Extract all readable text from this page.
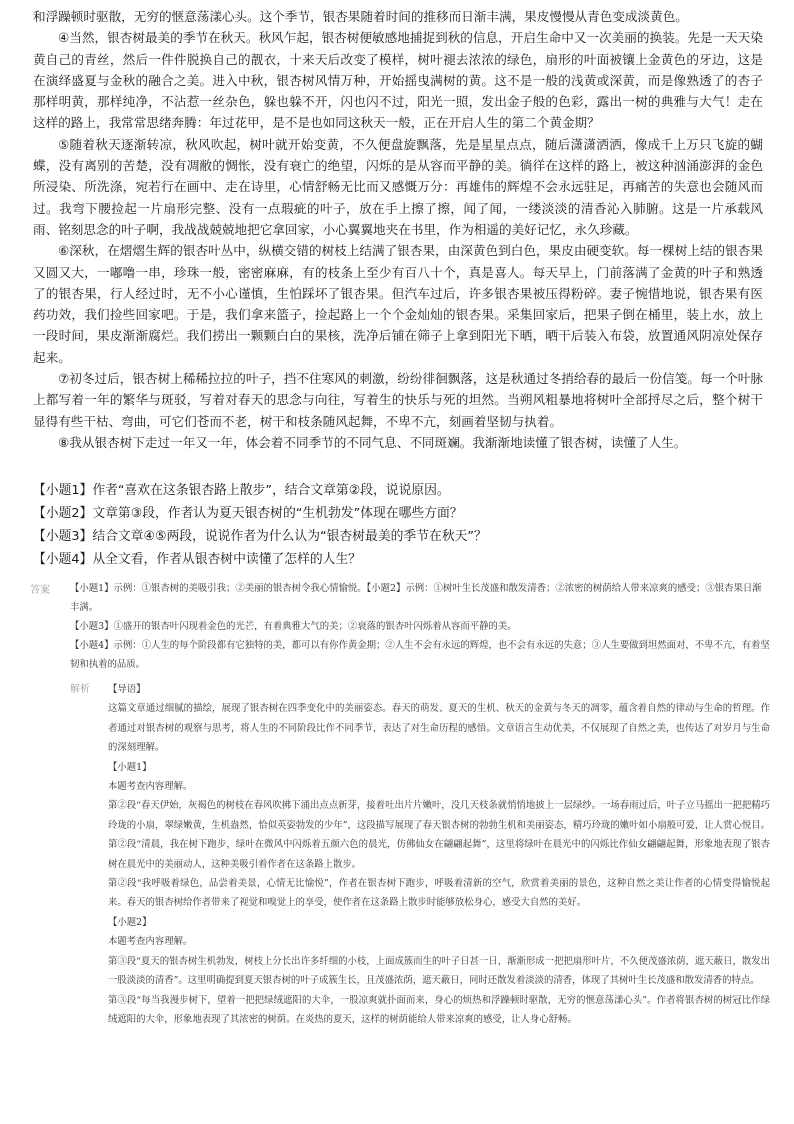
和浮躁顿时驱散，无穷的惬意荡漾心头。这个季节，银杏果随着时间的推移而日渐丰满，果皮慢慢从青色变成淡黄色。

④当然，银杏树最美的季节在秋天。秋风乍起，银杏树便敏感地捕捉到秋的信息，开启生命中又一次美丽的换装。先是一天天染黄自己的青丝，然后一件件脱换自己的靓衣，十来天后改变了模样，树叶褪去浓浓的绿色，扇形的叶面被镶上金黄色的牙边，这是在演绎盛夏与金秋的融合之美。进入中秋，银杏树风情万种，开始摇曳满树的黄。这不是一般的浅黄或深黄，而是像熟透了的杏子那样明黄，那样纯净，不沾惹一丝杂色，躲也躲不开，闪也闪不过，阳光一照，发出金子般的色彩，露出一树的典雅与大气！走在这样的路上，我常常思绪奔腾：年过花甲，是不是也如同这秋天一般，正在开启人生的第二个黄金期？

⑤随着秋天逐渐转凉，秋风吹起，树叶就开始变黄，不久便盘旋飘落，先是星星点点，随后潇潇洒洒，像成千上万只飞旋的蝴蝶，没有离别的苦楚，没有凋敝的惆怅，没有衰亡的绝望，闪烁的是从容而平静的美。徜徉在这样的路上，被这种汹涌澎湃的金色所浸染、所洗涤，宛若行在画中、走在诗里，心情舒畅无比而又感慨万分：再雄伟的辉煌不会永远驻足，再痛苦的失意也会随风而过。我弯下腰捡起一片扇形完整、没有一点瑕疵的叶子，放在手上擦了擦，闻了闻，一缕淡淡的清香沁入肺腑。这是一片承载风雨、铭刻思念的叶子啊，我战战兢兢地把它拿回家，小心翼翼地夹在书里，作为相遥的美好记忆，永久珍藏。

⑥深秋，在熠熠生辉的银杏叶丛中，纵横交错的树枝上结满了银杏果，由深黄色到白色，果皮由硬变软。每一棵树上结的银杏果又圆又大，一嘟噜一串，珍珠一般，密密麻麻，有的枝条上至少有百八十个，真是喜人。每天早上，门前落满了金黄的叶子和熟透了的银杏果，行人经过时，无不小心谨慎，生怕踩坏了银杏果。但汽车过后，许多银杏果被压得粉碎。妻子惋惜地说，银杏果有医药功效，我们捡些回家吧。于是，我们拿来篮子，捡起路上一个个金灿灿的银杏果。采集回家后，把果子倒在桶里，装上水，放上一段时间，果皮渐渐腐烂。我们捞出一颗颗白白的果核，洗净后铺在筛子上拿到阳光下晒，晒干后装入布袋，放置通风阴凉处保存起来。

⑦初冬过后，银杏树上稀稀拉拉的叶子，挡不住寒风的刺激，纷纷徘徊飘落，这是秋通过冬捎给春的最后一份信笺。每一个叶脉上都写着一年的繁华与斑驳，写着对春天的思念与向往，写着生的快乐与死的坦然。当朔风粗暴地将树叶全部捋尽之后，整个树干显得有些干枯、弯曲，可它们苍而不老，树干和枝条随风起舞，不卑不亢，刻画着坚韧与执着。

⑧我从银杏树下走过一年又一年，体会着不同季节的不同气息、不同斑斓。我渐渐地读懂了银杏树，读懂了人生。

【小题1】作者“喜欢在这条银杏路上散步”，结合文章第②段，说说原因。

【小题2】文章第③段，作者认为夏天银杏树的“生机勃发”体现在哪些方面？

【小题3】结合文章④⑤两段，说说作者为什么认为“银杏树最美的季节在秋天”？

【小题4】从全文看，作者从银杏树中读懂了怎样的人生？

答案 【小题1】示例：①银杏树的美吸引我；②美丽的银杏树令我心情愉悦。【小题2】示例：①树叶生长茂盛和散发清香；②浓密的树荫给人带来凉爽的感受；③银杏果日渐丰满。

【小题3】①盛开的银杏叶闪现着金色的光芒，有着典雅大气的美；②衰落的银杏叶闪烁着从容而平静的美。

【小题4】示例：①人生的每个阶段都有它独特的美，都可以有你作黄金期；②人生不会有永远的辉煌，也不会有永远的失意；③人生要做到坦然面对，不卑不亢，有着坚韧和执着的品质。

解析 【导语】

这篇文章通过细腻的描绘，展现了银杏树在四季变化中的美丽姿态。春天的萌发、夏天的生机、秋天的金黄与冬天的凋零，蕴含着自然的律动与生命的哲理。作者通过对银杏树的观察与思考，将人生的不同阶段比作不同季节，表达了对生命历程的感悟。文章语言生动优美，不仅展现了自然之美，也传达了对岁月与生命的深刻理解。

【小题1】

本题考查内容理解。

第②段“春天伊始，灰褐色的树枝在春风吹拂下涌出点点新芽，接着吐出片片嫩叶，没几天枝条就悄悄地披上一层绿纱。一场春雨过后，叶子立马摇出一把把精巧玲珑的小扇，翠绿嫩黄，生机盎然，恰似英姿勃发的少年”，这段描写展现了春天银杏树的勃勃生机和美丽姿态，精巧玲珑的嫩叶如小扇般可爱，让人赏心悦目。第②段“清晨，我在树下跑步，绿叶在微风中闪烁着五颜六色的晨光，仿佛仙女在翩翩起舞”，这里将绿叶在晨光中的闪烁比作仙女翩翩起舞，形象地表现了银杏树在晨光中的美丽动人，这种美吸引着作者在这条路上散步。

第②段“我呼吸着绿色，品尝着美景，心情无比愉悦”，作者在银杏树下跑步，呼吸着清新的空气，欣赏着美丽的景色，这种自然之美让作者的心情变得愉悦起来。春天的银杏树给作者带来了视觉和嗅觉上的享受，使作者在这条路上散步时能够放松身心，感受大自然的美好。

【小题2】

本题考查内容理解。

第③段“夏天的银杏树生机勃发，树枝上分长出许多纤细的小枝，上面成簇而生的叶子日甚一日，渐渐形成一把把扇形叶片，不久便茂盛浓荫，遮天蔽日，散发出一股淡淡的清香”。这里明确提到夏天银杏树的叶子成簇生长，且茂盛浓荫，遮天蔽日，同时还散发着淡淡的清香，体现了其树叶生长茂盛和散发清香的特点。

第③段“每当我漫步树下，望着一把把绿绒遮阳的大伞，一股凉爽就扑面而来，身心的烦热和浮躁顿时驱散，无穷的惬意荡漾心头”。作者将银杏树的树冠比作绿绒遮阳的大伞，形象地表现了其浓密的树荫。在炎热的夏天，这样的树荫能给人带来凉爽的感受，让人身心舒畅。
